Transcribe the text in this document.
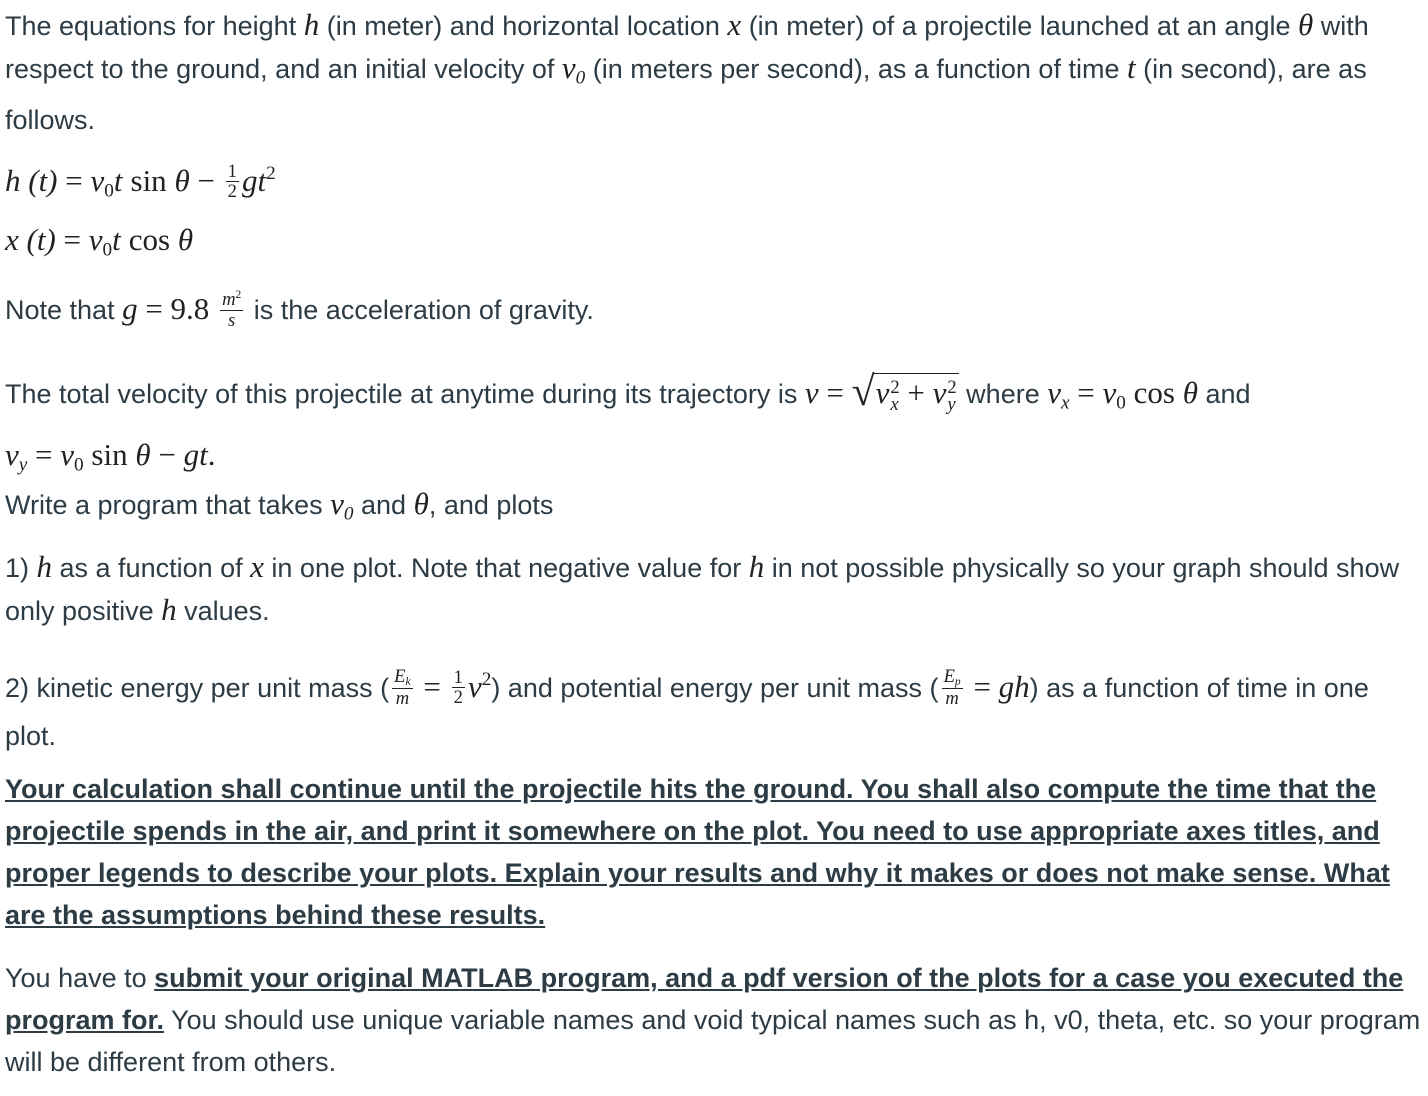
The equations for height h (in meter) and horizontal location x (in meter) of a projectile launched at an angle θ with respect to the ground, and an initial velocity of $v_0$ (in meters per second), as a function of time t (in second), are as follows.

h $(t) = v_0t$ $\sin \theta - \frac{1}{2} gt^2$

x $(t) = v_0t$ cos θ

Note that $g = 9.8 \frac{m^2}{s}$ is the acceleration of gravity.

The total velocity of this projectile at anytime during its trajectory is v = √ v 2
x + v 2
y where $v_x = v_0$ cos θ and
$v_y = v_0$ sin θ − gt.

Write a program that takes $v_0$ and θ, and plots

1) h as a function of x in one plot. Note that negative value for h in not possible physically so your graph should show only positive h values.

2) kinetic energy per unit mass ( $\frac{E_k}{m} = \frac{1}{2} v^2$) and potential energy per unit mass ( $\frac{E_p}{m} = gh$) as a function of time in one plot.

Your calculation shall continue until the projectile hits the ground. You shall also compute the time that the projectile spends in the air, and print it somewhere on the plot. You need to use appropriate axes titles, and proper legends to describe your plots. Explain your results and why it makes or does not make sense. What are the assumptions behind these results.

You have to submit your original MATLAB program, and a pdf version of the plots for a case you executed the program for. You should use unique variable names and void typical names such as h, v0, theta, etc. so your program will be different from others.
